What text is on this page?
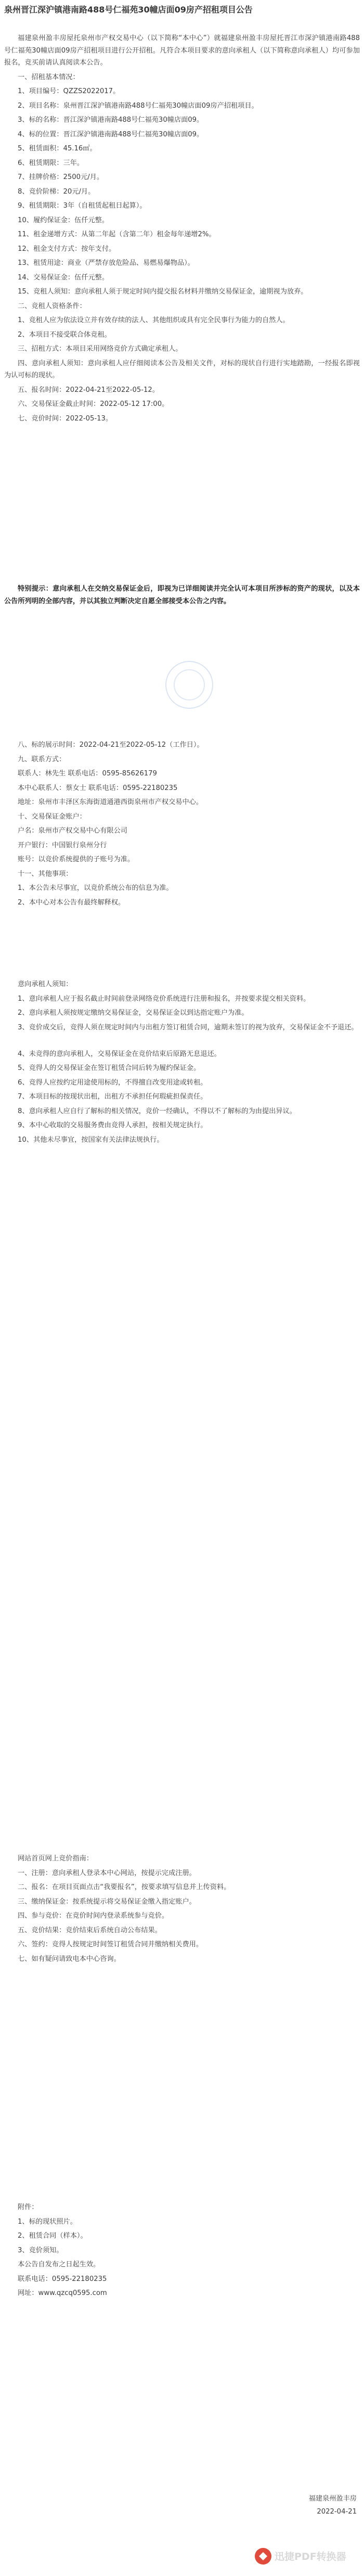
泉州晋江深沪镇港南路488号仁福苑30幢店面09房产招租项目公告
福建泉州盈丰房屋托泉州市产权交易中心（以下简称“本中心”）就福建泉州盈丰房屋托晋江市深沪镇港南路488号仁福苑30幢店面09房产招租项目进行公开招租。凡符合本项目要求的意向承租人（以下简称意向承租人）均可参加报名，竞买前请认真阅读本公告。
一、招租基本情况：
1、项目编号：QZZS2022017。
2、项目名称：泉州晋江深沪镇港南路488号仁福苑30幢店面09房产招租项目。
3、标的名称：晋江深沪镇港南路488号仁福苑30幢店面09。
4、标的位置：晋江深沪镇港南路488号仁福苑30幢店面09。
5、租赁面积：45.16㎡。
6、租赁期限：三年。
7、挂牌价格：2500元/月。
8、竞价阶梯：20元/月。
9、租赁期限：3年（自租赁起租日起算）。
10、履约保证金：伍仟元整。
11、租金递增方式：从第二年起（含第二年）租金每年递增2%。
12、租金支付方式：按年支付。
13、租赁用途：商业（严禁存放危险品、易燃易爆物品）。
14、交易保证金：伍仟元整。
15、竞租人须知：意向承租人须于规定时间内提交报名材料并缴纳交易保证金，逾期视为放弃。
二、竞租人资格条件：
1、竞租人应为依法设立并有效存续的法人、其他组织或具有完全民事行为能力的自然人。
2、本项目不接受联合体竞租。
三、招租方式：本项目采用网络竞价方式确定承租人。
四、意向承租人须知：意向承租人应仔细阅读本公告及相关文件，对标的现状自行进行实地踏勘，一经报名即视为认可标的现状。
五、报名时间：2022-04-21至2022-05-12。
六、交易保证金截止时间：2022-05-12 17:00。
七、竞价时间：2022-05-13。
特别提示：意向承租人在交纳交易保证金后，即视为已详细阅读并完全认可本项目所涉标的资产的现状，以及本公告所列明的全部内容，并以其独立判断决定自愿全部接受本公告之内容。
八、标的展示时间：2022-04-21至2022-05-12（工作日）。
九、联系方式：
联系人：林先生 联系电话：0595-85626179
本中心联系人：蔡女士 联系电话：0595-22180235
地址：泉州市丰泽区东海街道通港西街泉州市产权交易中心。
十、交易保证金账户：
户名：泉州市产权交易中心有限公司
开户银行：中国银行泉州分行
账号：以竞价系统提供的子账号为准。
十一、其他事项：
1、本公告未尽事宜，以竞价系统公布的信息为准。
2、本中心对本公告有最终解释权。
意向承租人须知：
1、意向承租人应于报名截止时间前登录网络竞价系统进行注册和报名，并按要求提交相关资料。
2、意向承租人须按规定缴纳交易保证金，交易保证金以到达指定账户为准。
3、竞价成交后，竞得人须在规定时间内与出租方签订租赁合同，逾期未签订的视为放弃，交易保证金不予退还。
4、未竞得的意向承租人，交易保证金在竞价结束后原路无息退还。
5、竞得人的交易保证金在签订租赁合同后转为履约保证金。
6、竞得人应按约定用途使用标的，不得擅自改变用途或转租。
7、本项目标的按现状出租，出租方不承担任何瑕疵担保责任。
8、意向承租人应自行了解标的相关情况，竞价一经确认，不得以不了解标的为由提出异议。
9、本中心收取的交易服务费由竞得人承担，按相关规定执行。
10、其他未尽事宜，按国家有关法律法规执行。
网站首页网上竞价指南：
一、注册：意向承租人登录本中心网站，按提示完成注册。
二、报名：在项目页面点击“我要报名”，按要求填写信息并上传资料。
三、缴纳保证金：按系统提示将交易保证金缴入指定账户。
四、参与竞价：在竞价时间内登录系统参与竞价。
五、竞价结果：竞价结束后系统自动公布结果。
六、签约：竞得人按规定时间签订租赁合同并缴纳相关费用。
七、如有疑问请致电本中心咨询。
附件：
1、标的现状照片。
2、租赁合同（样本）。
3、竞价须知。
本公告自发布之日起生效。
联系电话：0595-22180235
网址：www.qzcq0595.com
福建泉州盈丰房
2022-04-21
迅捷PDF转换器
